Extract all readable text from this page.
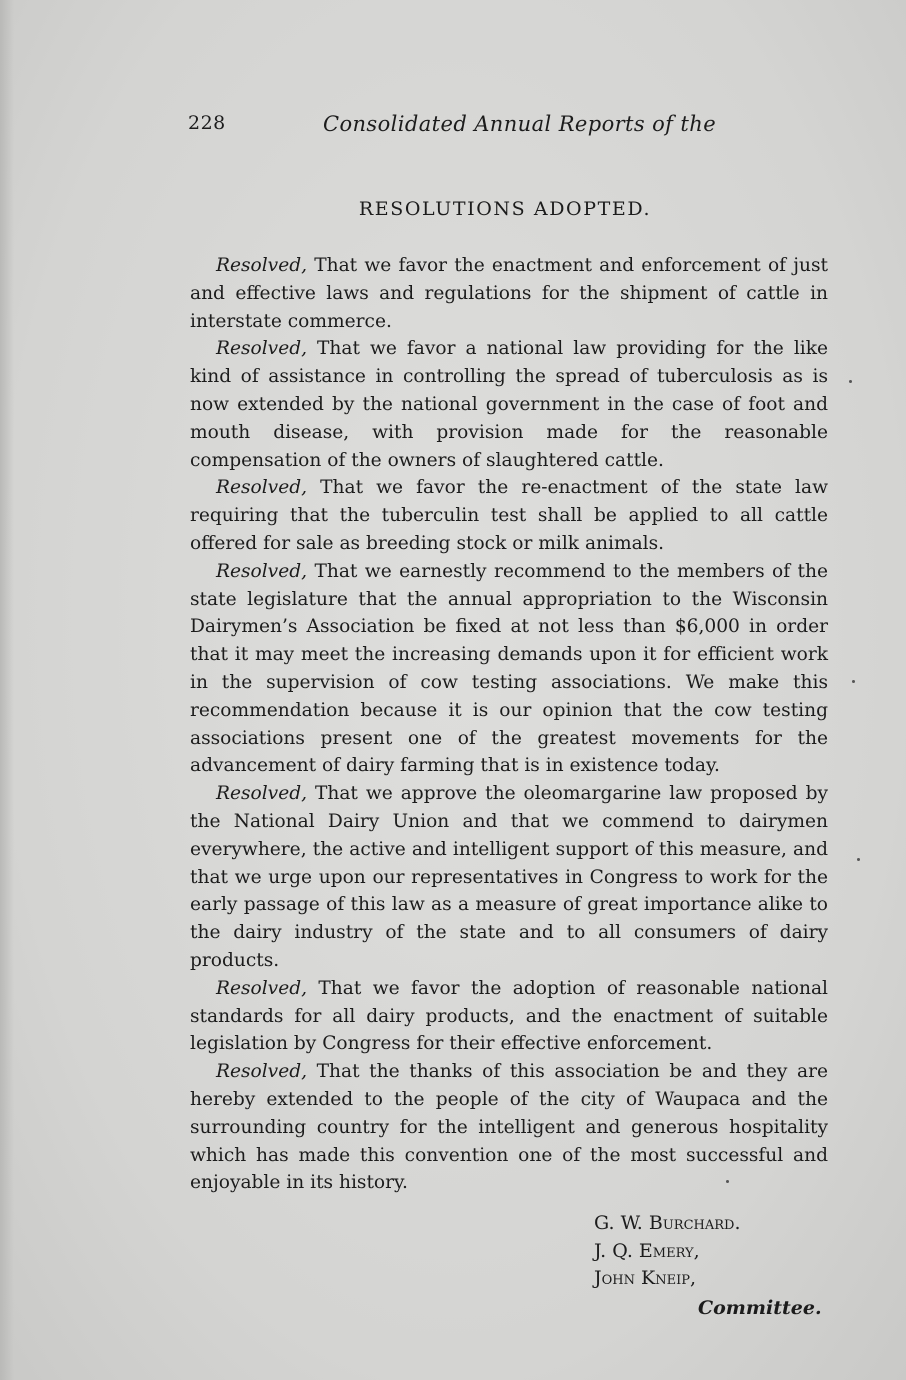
228	Consolidated Annual Reports of the
RESOLUTIONS ADOPTED.

Resolved, That we favor the enactment and enforcement of just and effective laws and regulations for the shipment of cattle in interstate commerce.

Resolved, That we favor a national law providing for the like kind of assistance in controlling the spread of tuberculosis as is now extended by the national government in the case of foot and mouth disease, with provision made for the reasonable compensation of the owners of slaughtered cattle.

Resolved, That we favor the re-enactment of the state law requiring that the tuberculin test shall be applied to all cattle offered for sale as breeding stock or milk animals.

Resolved, That we earnestly recommend to the members of the state legislature that the annual appropriation to the Wisconsin Dairymen’s Association be fixed at not less than $6,000 in order that it may meet the increasing demands upon it for efficient work in the supervision of cow testing associations. We make this recommendation because it is our opinion that the cow testing associations present one of the greatest movements for the advancement of dairy farming that is in existence today.

Resolved, That we approve the oleomargarine law proposed by the National Dairy Union and that we commend to dairymen everywhere, the active and intelligent support of this measure, and that we urge upon our representatives in Congress to work for the early passage of this law as a measure of great importance alike to the dairy industry of the state and to all consumers of dairy products.

Resolved, That we favor the adoption of reasonable national standards for all dairy products, and the enactment of suitable legislation by Congress for their effective enforcement.

Resolved, That the thanks of this association be and they are hereby extended to the people of the city of Waupaca and the surrounding country for the intelligent and generous hospitality which has made this convention one of the most successful and enjoyable in its history.

G. W. Burchard.
J. Q. Emery,
John Kneip,
Committee.
